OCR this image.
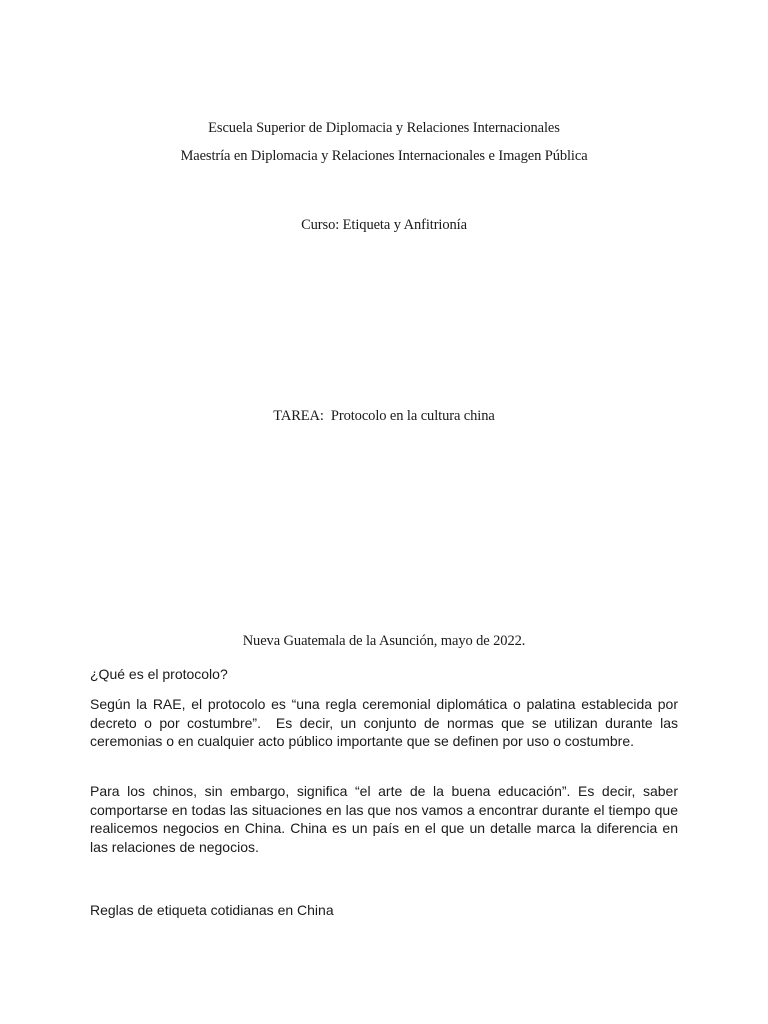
Escuela Superior de Diplomacia y Relaciones Internacionales
Maestría en Diplomacia y Relaciones Internacionales e Imagen Pública
Curso: Etiqueta y Anfitrionía
TAREA:  Protocolo en la cultura china
Nueva Guatemala de la Asunción, mayo de 2022.
¿Qué es el protocolo?
Según la RAE, el protocolo es “una regla ceremonial diplomática o palatina establecida por decreto o por costumbre”.  Es decir, un conjunto de normas que se utilizan durante las ceremonias o en cualquier acto público importante que se definen por uso o costumbre.
Para los chinos, sin embargo, significa “el arte de la buena educación”. Es decir, saber comportarse en todas las situaciones en las que nos vamos a encontrar durante el tiempo que realicemos negocios en China. China es un país en el que un detalle marca la diferencia en las relaciones de negocios.
Reglas de etiqueta cotidianas en China
